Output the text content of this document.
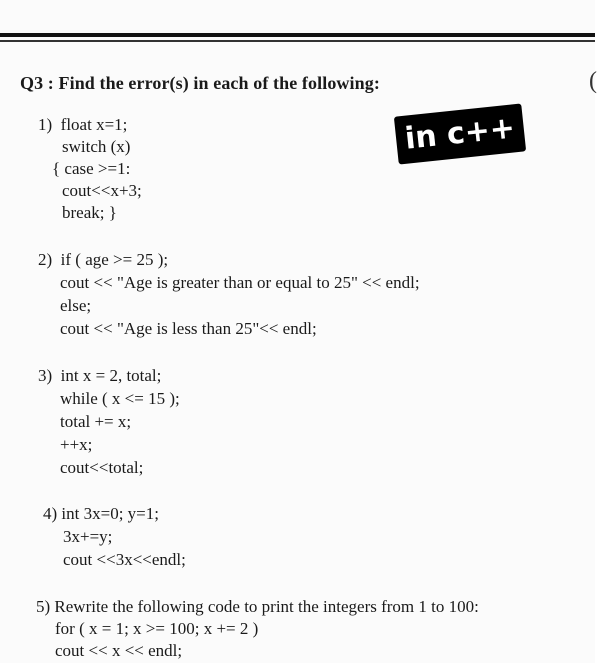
(
Q3 : Find the error(s) in each of the following:
in c++
1)  float x=1;
switch (x)
{ case >=1:
cout<<x+3;
break; }
2)  if ( age >= 25 );
cout << "Age is greater than or equal to 25" << endl;
else;
cout << "Age is less than 25"<< endl;
3)  int x = 2, total;
while ( x <= 15 );
total += x;
++x;
cout<<total;
4) int 3x=0; y=1;
3x+=y;
cout <<3x<<endl;
5) Rewrite the following code to print the integers from 1 to 100:
for ( x = 1; x >= 100; x += 2 )
cout << x << endl;
